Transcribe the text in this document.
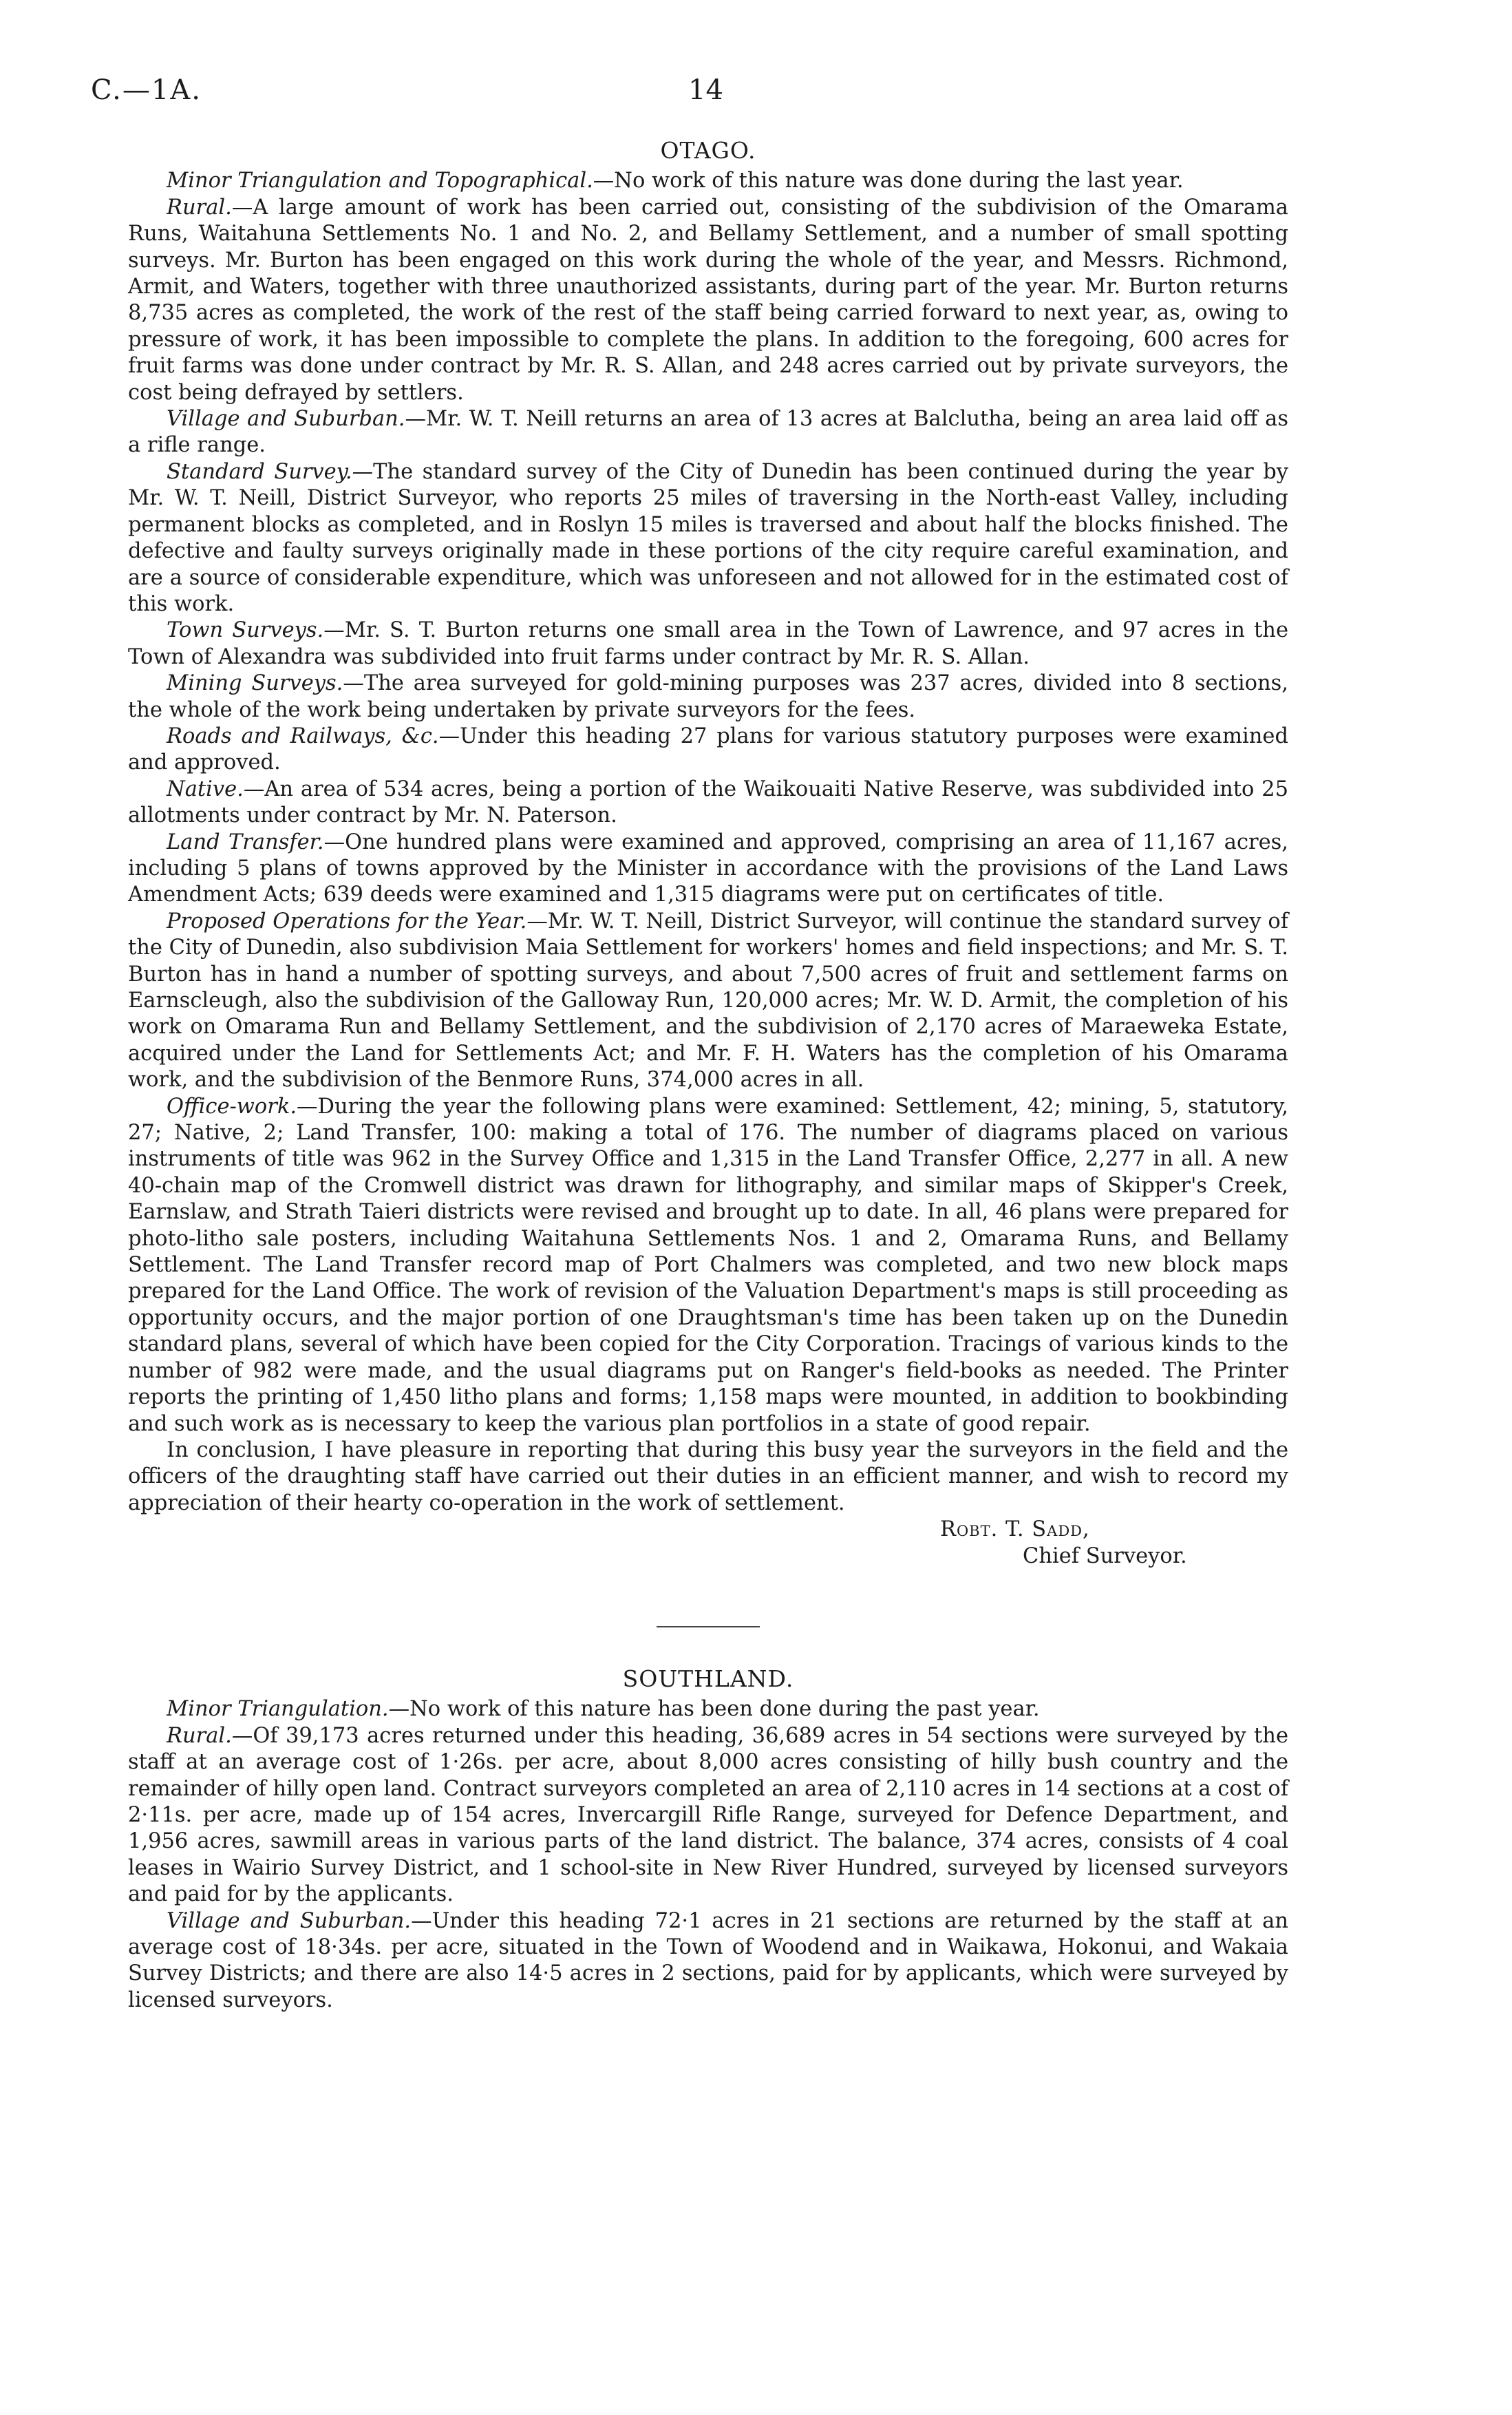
C.—1A.	14
OTAGO.

Minor Triangulation and Topographical.—No work of this nature was done during the last year.

Rural.—A large amount of work has been carried out, consisting of the subdivision of the Omarama Runs, Waitahuna Settlements No. 1 and No. 2, and Bellamy Settlement, and a number of small spotting surveys. Mr. Burton has been engaged on this work during the whole of the year, and Messrs. Richmond, Armit, and Waters, together with three unauthorized assistants, during part of the year. Mr. Burton returns 8,735 acres as completed, the work of the rest of the staff being carried forward to next year, as, owing to pressure of work, it has been impossible to complete the plans. In addition to the foregoing, 600 acres for fruit farms was done under contract by Mr. R. S. Allan, and 248 acres carried out by private surveyors, the cost being defrayed by settlers.

Village and Suburban.—Mr. W. T. Neill returns an area of 13 acres at Balclutha, being an area laid off as a rifle range.

Standard Survey.—The standard survey of the City of Dunedin has been continued during the year by Mr. W. T. Neill, District Surveyor, who reports 25 miles of traversing in the North-east Valley, including permanent blocks as completed, and in Roslyn 15 miles is traversed and about half the blocks finished. The defective and faulty surveys originally made in these portions of the city require careful examination, and are a source of considerable expenditure, which was unforeseen and not allowed for in the estimated cost of this work.

Town Surveys.—Mr. S. T. Burton returns one small area in the Town of Lawrence, and 97 acres in the Town of Alexandra was subdivided into fruit farms under contract by Mr. R. S. Allan.

Mining Surveys.—The area surveyed for gold-mining purposes was 237 acres, divided into 8 sections, the whole of the work being undertaken by private surveyors for the fees.

Roads and Railways, &c.—Under this heading 27 plans for various statutory purposes were examined and approved.

Native.—An area of 534 acres, being a portion of the Waikouaiti Native Reserve, was subdivided into 25 allotments under contract by Mr. N. Paterson.

Land Transfer.—One hundred plans were examined and approved, comprising an area of 11,167 acres, including 5 plans of towns approved by the Minister in accordance with the provisions of the Land Laws Amendment Acts; 639 deeds were examined and 1,315 diagrams were put on certificates of title.

Proposed Operations for the Year.—Mr. W. T. Neill, District Surveyor, will continue the standard survey of the City of Dunedin, also subdivision Maia Settlement for workers' homes and field inspections; and Mr. S. T. Burton has in hand a number of spotting surveys, and about 7,500 acres of fruit and settlement farms on Earnscleugh, also the subdivision of the Galloway Run, 120,000 acres; Mr. W. D. Armit, the completion of his work on Omarama Run and Bellamy Settlement, and the subdivision of 2,170 acres of Maraeweka Estate, acquired under the Land for Settlements Act; and Mr. F. H. Waters has the completion of his Omarama work, and the subdivision of the Benmore Runs, 374,000 acres in all.

Office-work.—During the year the following plans were examined: Settlement, 42; mining, 5, statutory, 27; Native, 2; Land Transfer, 100: making a total of 176. The number of diagrams placed on various instruments of title was 962 in the Survey Office and 1,315 in the Land Transfer Office, 2,277 in all. A new 40-chain map of the Cromwell district was drawn for lithography, and similar maps of Skipper's Creek, Earnslaw, and Strath Taieri districts were revised and brought up to date. In all, 46 plans were prepared for photo-litho sale posters, including Waitahuna Settlements Nos. 1 and 2, Omarama Runs, and Bellamy Settlement. The Land Transfer record map of Port Chalmers was completed, and two new block maps prepared for the Land Office. The work of revision of the Valuation Department's maps is still proceeding as opportunity occurs, and the major portion of one Draughtsman's time has been taken up on the Dunedin standard plans, several of which have been copied for the City Corporation. Tracings of various kinds to the number of 982 were made, and the usual diagrams put on Ranger's field-books as needed. The Printer reports the printing of 1,450 litho plans and forms; 1,158 maps were mounted, in addition to bookbinding and such work as is necessary to keep the various plan portfolios in a state of good repair.

In conclusion, I have pleasure in reporting that during this busy year the surveyors in the field and the officers of the draughting staff have carried out their duties in an efficient manner, and wish to record my appreciation of their hearty co-operation in the work of settlement.

Robt. T. Sadd,
Chief Surveyor.
SOUTHLAND.

Minor Triangulation.—No work of this nature has been done during the past year.

Rural.—Of 39,173 acres returned under this heading, 36,689 acres in 54 sections were surveyed by the staff at an average cost of 1·26s. per acre, about 8,000 acres consisting of hilly bush country and the remainder of hilly open land. Contract surveyors completed an area of 2,110 acres in 14 sections at a cost of 2·11s. per acre, made up of 154 acres, Invercargill Rifle Range, surveyed for Defence Department, and 1,956 acres, sawmill areas in various parts of the land district. The balance, 374 acres, consists of 4 coal leases in Wairio Survey District, and 1 school-site in New River Hundred, surveyed by licensed surveyors and paid for by the applicants.

Village and Suburban.—Under this heading 72·1 acres in 21 sections are returned by the staff at an average cost of 18·34s. per acre, situated in the Town of Woodend and in Waikawa, Hokonui, and Wakaia Survey Districts; and there are also 14·5 acres in 2 sections, paid for by applicants, which were surveyed by licensed surveyors.
